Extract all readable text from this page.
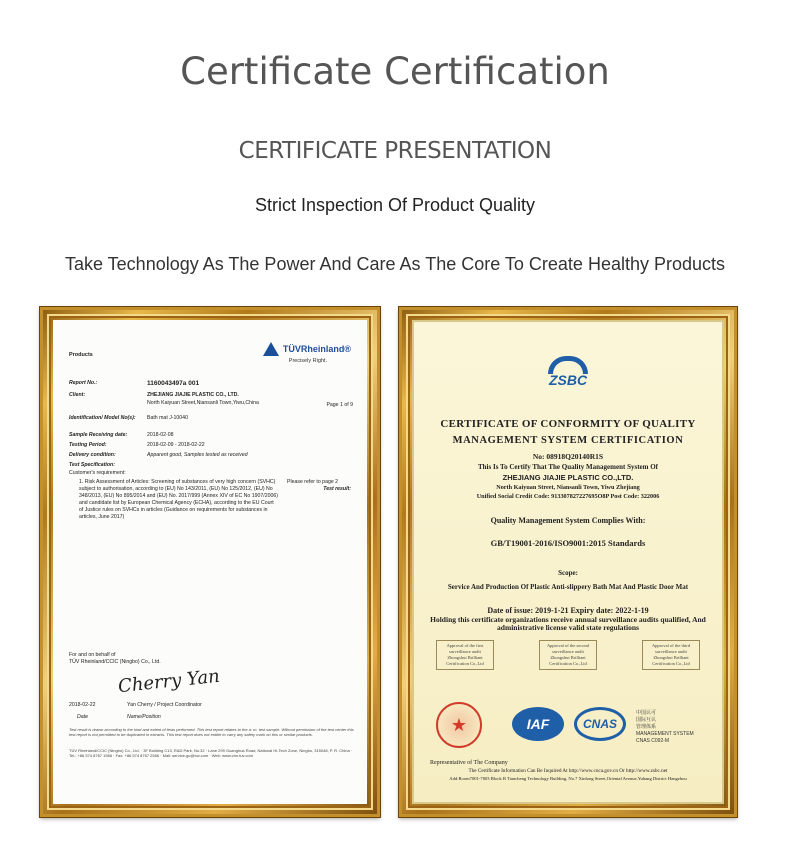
Certificate Certification
CERTIFICATE PRESENTATION
Strict Inspection Of Product Quality
Take Technology As The Power And Care As The Core To Create Healthy Products
Products
TÜVRheinland®
Precisely Right.
Page 1 of 9
Report No.:	1160043497a 001
Client:	ZHEJIANG JIAJIE PLASTIC CO., LTD.
North Kaiyuan Street,Niansanli Town,Yiwu,China
Identification/ Model No(s):	Bath mat J-10040
Sample Receiving date:	2018-02-08
Testing Period:	2018-02-09 - 2018-02-22
Delivery condition:	Apparent good, Samples tested as received
Test Specification:
Customer's requirement:
1. Risk Assessment of Articles: Screening of substances of very high concern (SVHC) subject to authorisation, according to (EU) No 143/2011, (EU) No 125/2012, (EU) No 348/2013, (EU) No 895/2014 and (EU) No. 2017/999 (Annex XIV of EC No 1907/2006) and candidate list by European Chemical Agency (ECHA), according to the EU Court of Justice rules on SVHCs in articles (Guidance on requirements for substances in articles, June 2017)
Please refer to page 2
Test result:
For and on behalf of
TÜV Rheinland/CCIC (Ningbo) Co., Ltd.
Cherry Yan
2018-02-22	Yan Cherry / Project Coordinator
Date	Name/Position
Test result is drawn according to the kind and extent of tests performed. This test report relates to the a. m. test sample. Without permission of the test center this test report is not permitted to be duplicated in extracts. This test report does not entitle to carry any safety mark on this or similar products.
TÜV Rheinland/CCIC (Ningbo) Co., Ltd. · 3F Building C13, R&D Park, No.32 · Lane 299 Guanghua Road, National Hi-Tech Zone, Ningbo, 315048, P. R. China · Tel.: +86 574 8767 1566 · Fax: +86 574 8767 2566 · Mail: service-gc@tuv.com · Web: www.chn.tuv.com
ZSBC
CERTIFICATE OF CONFORMITY OF QUALITY
MANAGEMENT SYSTEM CERTIFICATION
No: 08918Q20140R1S
This Is To Certify That The Quality Management System Of
ZHEJIANG JIAJIE PLASTIC CO.,LTD.
North Kaiyuan Street, Niansanli Town, Yiwu Zhejiang
Unified Social Credit Code: 913307827227695O8P Post Code: 322006
Quality Management System Complies With:
GB/T19001-2016/ISO9001:2015 Standards
Scope:
Service And Production Of Plastic Anti-slippery Bath Mat And Plastic Door Mat
Date of issue: 2019-1-21 Expiry date: 2022-1-19
Holding this certificate organizations receive annual surveillance audits qualified, And administrative license valid state regulations
Approval of the first surveillance audit
Zhongshui Brilliant Certification Co.,Ltd
Approval of the second surveillance audit
Zhongshui Brilliant Certification Co.,Ltd
Approval of the third surveillance audit
Zhongshui Brilliant Certification Co.,Ltd
★	IAF	CNAS
中国认可
国际互认
管理体系
MANAGEMENT SYSTEM
CNAS C092-M
Representative of The Company
The Certificate Information Can Be Inquired At http://www.cnca.gov.cn Or http://www.zsbc.net
Add:Room7001-7003 Block B Tiancheng Technology Building, No.7 Xinlong Street,Oriental Avenue,Yuhang District Hangzhou
